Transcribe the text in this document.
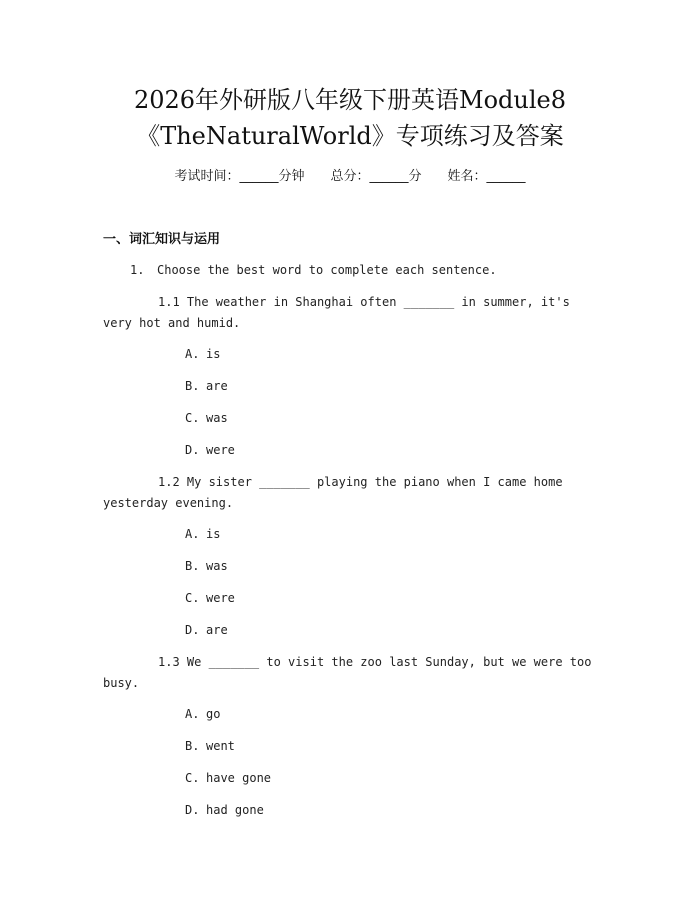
2026年外研版八年级下册英语Module8
《TheNaturalWorld》专项练习及答案
考试时间：______分钟 总分：______分 姓名：______
一、词汇知识与运用
1. Choose the best word to complete each sentence.
1.1 The weather in Shanghai often _______ in summer, it's very hot and humid.
A. is
B. are
C. was
D. were
1.2 My sister _______ playing the piano when I came home yesterday evening.
A. is
B. was
C. were
D. are
1.3 We _______ to visit the zoo last Sunday, but we were too busy.
A. go
B. went
C. have gone
D. had gone
